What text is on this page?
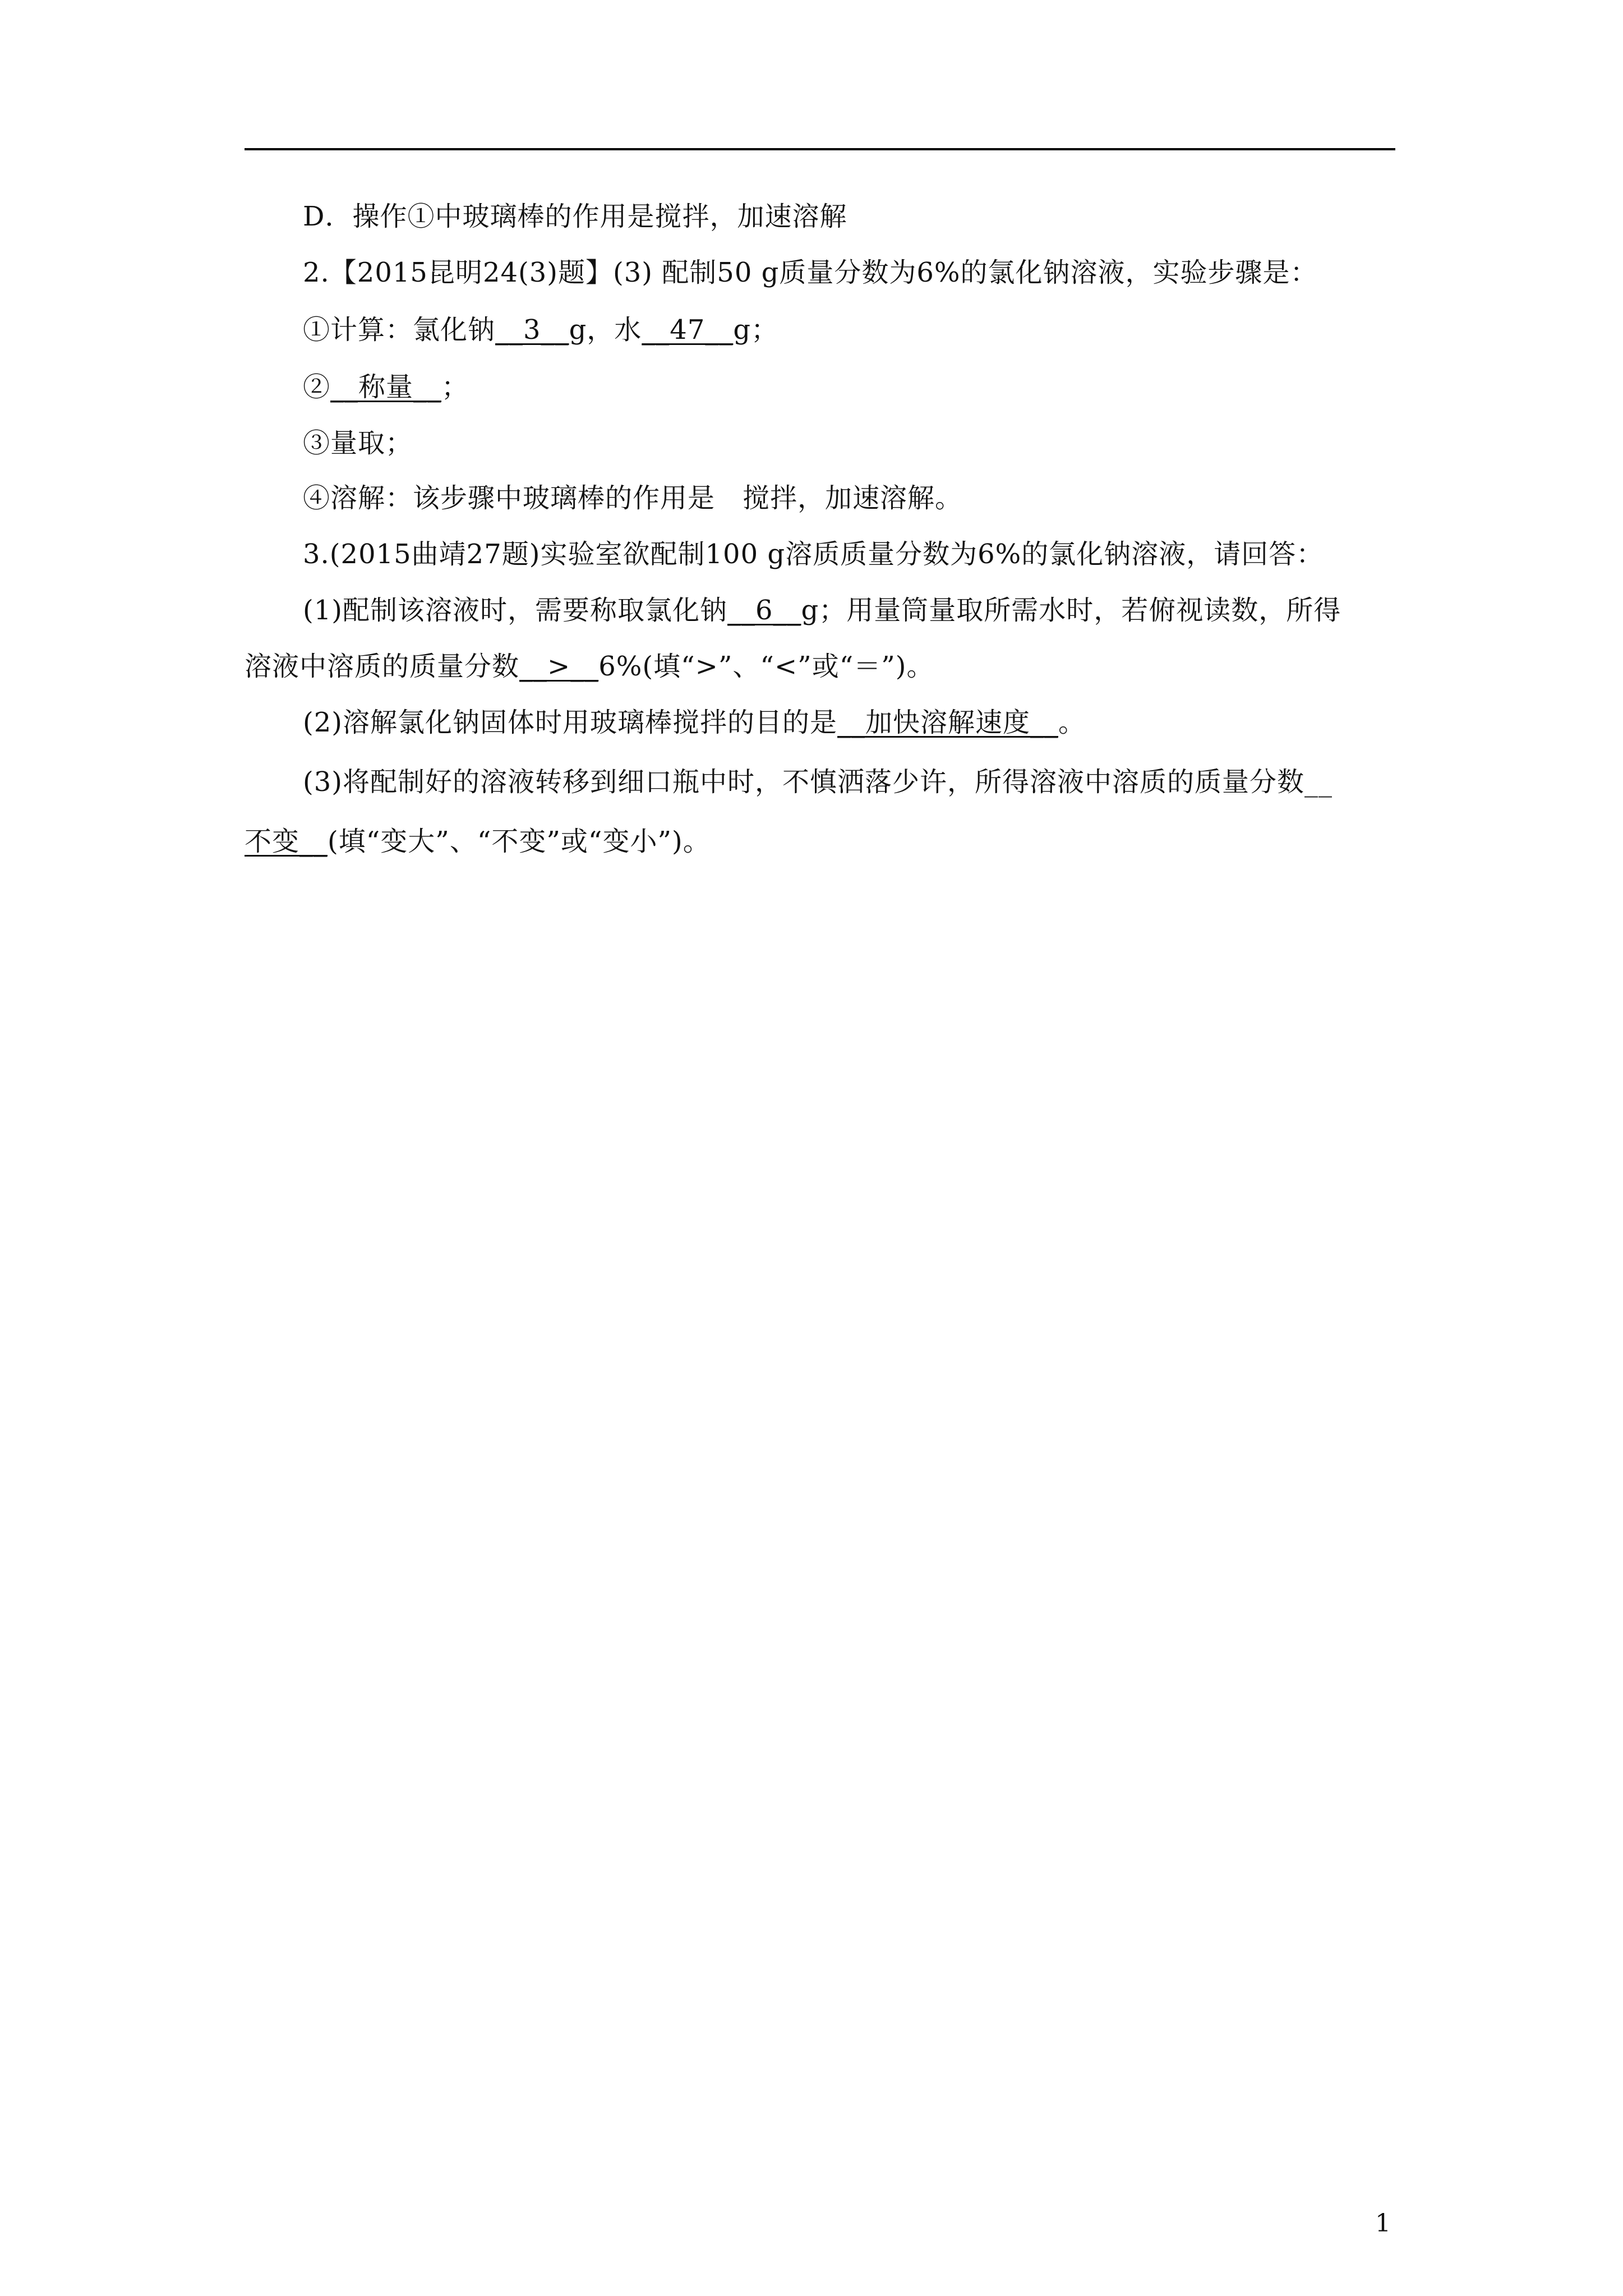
D．操作①中玻璃棒的作用是搅拌，加速溶解
2.【2015昆明24(3)题】(3) 配制50 g质量分数为6%的氯化钠溶液，实验步骤是：
①计算：氯化钠__3__g，水__47__g；
②__称量__；
③量取；
④溶解：该步骤中玻璃棒的作用是　搅拌，加速溶解。
3.(2015曲靖27题)实验室欲配制100 g溶质质量分数为6%的氯化钠溶液，请回答：
(1)配制该溶液时，需要称取氯化钠__6__g；用量筒量取所需水时，若俯视读数，所得
溶液中溶质的质量分数__>__6%(填“>”、“<”或“＝”)。
(2)溶解氯化钠固体时用玻璃棒搅拌的目的是__加快溶解速度__。
(3)将配制好的溶液转移到细口瓶中时，不慎洒落少许，所得溶液中溶质的质量分数__
不变__(填“变大”、“不变”或“变小”)。
1
